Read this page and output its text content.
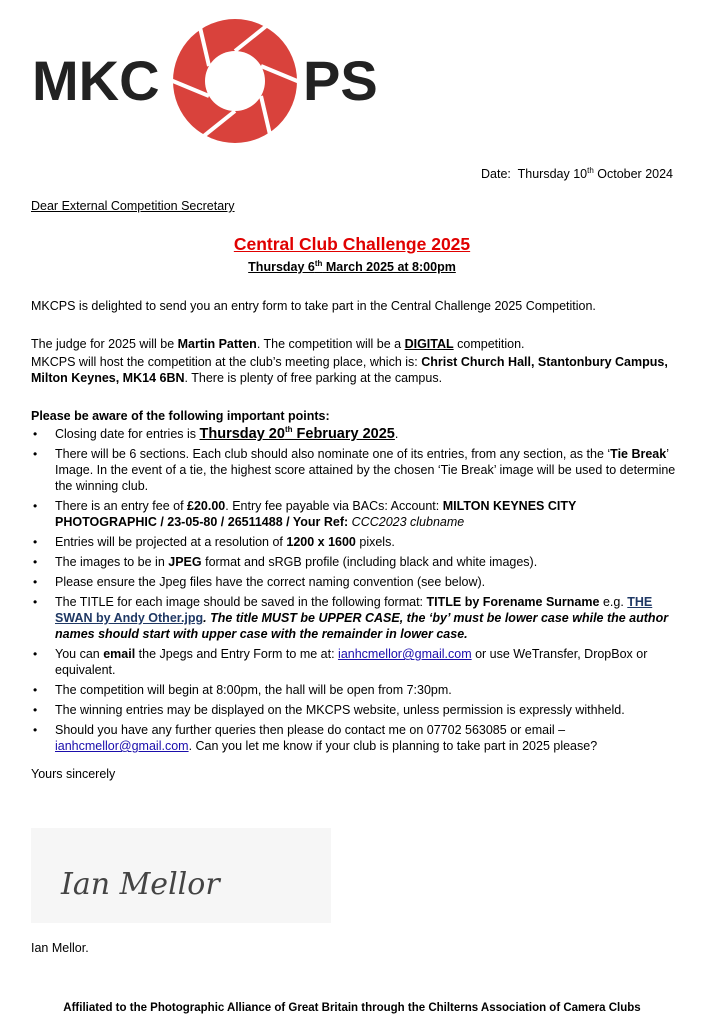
MKC	PS
Date: Thursday 10th October 2024
Dear External Competition Secretary
Central Club Challenge 2025
Thursday 6th March 2025 at 8:00pm
MKCPS is delighted to send you an entry form to take part in the Central Challenge 2025 Competition.
The judge for 2025 will be Martin Patten. The competition will be a DIGITAL competition.
MKCPS will host the competition at the club’s meeting place, which is: Christ Church Hall, Stantonbury Campus, Milton Keynes, MK14 6BN. There is plenty of free parking at the campus.
Please be aware of the following important points:
• Closing date for entries is Thursday 20th February 2025.
• There will be 6 sections. Each club should also nominate one of its entries, from any section, as the ‘Tie Break’ Image. In the event of a tie, the highest score attained by the chosen ‘Tie Break’ image will be used to determine the winning club.
• There is an entry fee of £20.00. Entry fee payable via BACs: Account: MILTON KEYNES CITY PHOTOGRAPHIC / 23-05-80 / 26511488 / Your Ref: CCC2023 clubname
• Entries will be projected at a resolution of 1200 x 1600 pixels.
• The images to be in JPEG format and sRGB profile (including black and white images).
• Please ensure the Jpeg files have the correct naming convention (see below).
• The TITLE for each image should be saved in the following format: TITLE by Forename Surname e.g. THE SWAN by Andy Other.jpg. The title MUST be UPPER CASE, the ‘by’ must be lower case while the author names should start with upper case with the remainder in lower case.
• You can email the Jpegs and Entry Form to me at: ianhcmellor@gmail.com or use WeTransfer, DropBox or equivalent.
• The competition will begin at 8:00pm, the hall will be open from 7:30pm.
• The winning entries may be displayed on the MKCPS website, unless permission is expressly withheld.
• Should you have any further queries then please do contact me on 07702 563085 or email – ianhcmellor@gmail.com. Can you let me know if your club is planning to take part in 2025 please?
Yours sincerely
Ian Mellor
Ian Mellor.
Affiliated to the Photographic Alliance of Great Britain through the Chilterns Association of Camera Clubs
